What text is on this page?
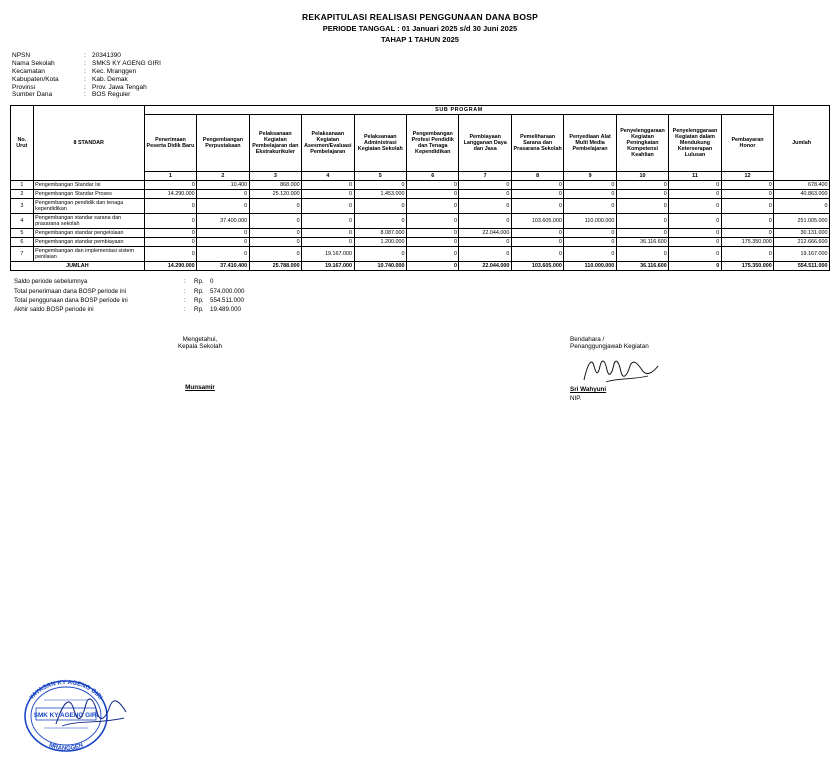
REKAPITULASI REALISASI PENGGUNAAN DANA BOSP
PERIODE TANGGAL : 01 Januari 2025 s/d 30 Juni 2025
TAHAP 1 TAHUN 2025
NPSN	:	20341390
Nama Sekolah	:	SMKS KY AGENG GIRI
Kecamatan	:	Kec. Mranggen
Kabupaten/Kota	:	Kab. Demak
Provinsi	:	Prov. Jawa Tengah
Sumber Dana	:	BOS Reguler
No.
Urut	8 STANDAR	SUB PROGRAM												Jumlah
		Penerimaan Peserta Didik Baru	Pengembangan Perpustakaan	Pelaksanaan Kegiatan Pembelajaran dan Ekstrakurikuler	Pelaksanaan Kegiatan Asesmen/Evaluasi Pembelajaran	Pelaksanaan Administrasi Kegiatan Sekolah	Pengembangan Profesi Pendidik dan Tenaga Kependidikan	Pembiayaan Langganan Daya dan Jasa	Pemeliharaan Sarana dan Prasarana Sekolah	Penyediaan Alat Multi Media Pembelajaran	Penyelenggaraan Kegiatan Peningkatan Kompetensi Keahlian	Penyelenggaraan Kegiatan dalam Mendukung Keterserapan Lulusan	Pembayaran Honor	
		1	2	3	4	5	6	7	8	9	10	11	12	
1	Pengembangan Standar Isi	0	10.400	868.000	0	0	0	0	0	0	0	0	0	678.400
2	Pengembangan Standar Proses	14.290.000	0	25.120.000	0	1.453.000	0	0	0	0	0	0	0	40.863.000
3	Pengembangan pendidik dan tenaga kependidikan	0	0	0	0	0	0	0	0	0	0	0	0	0
4	Pengembangan standar sarana dan prasarana sekolah	0	37.400.000	0	0	0	0	0	103.605.000	110.000.000	0	0	0	251.005.000
5	Pengembangan standar pengelolaan	0	0	0	0	8.087.000	0	22.044.000	0	0	0	0	0	30.131.000
6	Pengembangan standar pembiayaan	0	0	0	0	1.200.000	0	0	0	0	36.116.600	0	175.350.000	212.666.600
7	Pengembangan dan implementasi sistem penilaian	0	0	0	19.167.000	0	0	0	0	0	0	0	0	19.167.000
JUMLAH		14.290.000	37.410.400	25.788.000	19.167.000	10.740.000	0	22.044.000	103.605.000	110.000.000	36.116.600	0	175.350.000	554.511.000
Saldo periode sebelumnya	:	Rp.	0
Total penerimaan dana BOSP periode ini	:	Rp.	574.000.000
Total penggunaan dana BOSP periode ini	:	Rp.	554.511.000
Akhir saldo BOSP periode ini	:	Rp.	19.489.000
Mengetahui,
Kepala Sekolah
Munsamir
Bendahara /
Penanggungjawab Kegiatan
Sri Wahyuni
NIP.
YAYASAN KY AGENG GIRI
MRANGGEN
SMK KY AGENG GIRI
